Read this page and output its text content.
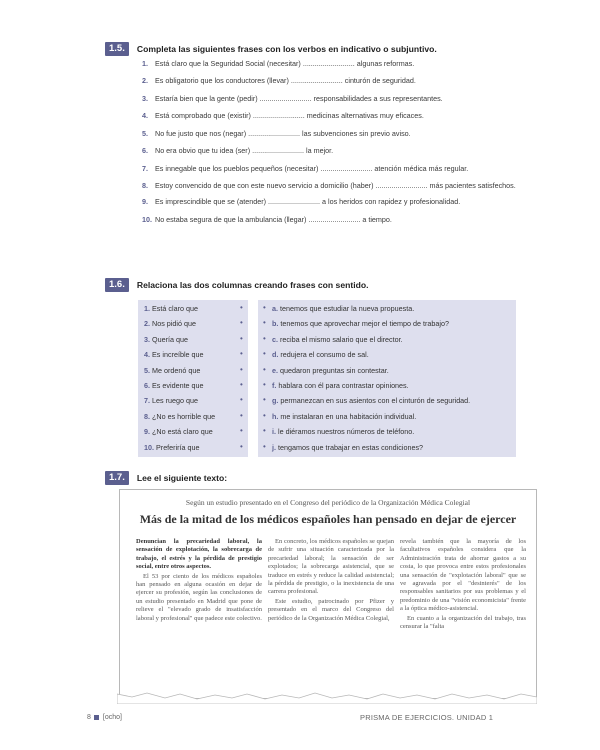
1.5.	Completa las siguientes frases con los verbos en indicativo o subjuntivo.
1. Está claro que la Seguridad Social (necesitar) .......................... algunas reformas.
2. Es obligatorio que los conductores (llevar) .......................... cinturón de seguridad.
3. Estaría bien que la gente (pedir) .......................... responsabilidades a sus representantes.
4. Está comprobado que (existir) .......................... medicinas alternativas muy eficaces.
5. No fue justo que nos (negar) .......................... las subvenciones sin previo aviso.
6. No era obvio que tu idea (ser) .......................... la mejor.
7. Es innegable que los pueblos pequeños (necesitar) .......................... atención médica más regular.
8. Estoy convencido de que con este nuevo servicio a domicilio (haber) .......................... más pacientes satisfechos.
9. Es imprescindible que se (atender) .......................... a los heridos con rapidez y profesionalidad.
10. No estaba segura de que la ambulancia (llegar) .......................... a tiempo.
1.6.	Relaciona las dos columnas creando frases con sentido.
1. Está claro que	•	• a. tenemos que estudiar la nueva propuesta.
2. Nos pidió que	•	• b. tenemos que aprovechar mejor el tiempo de trabajo?
3. Quería que	•	• c. reciba el mismo salario que el director.
4. Es increíble que	•	• d. redujera el consumo de sal.
5. Me ordenó que	•	• e. quedaron preguntas sin contestar.
6. Es evidente que	•	• f. hablara con él para contrastar opiniones.
7. Les ruego que	•	• g. permanezcan en sus asientos con el cinturón de seguridad.
8. ¿No es horrible que	•	• h. me instalaran en una habitación individual.
9. ¿No está claro que	•	• i. le diéramos nuestros números de teléfono.
10. Preferiría que	•	• j. tengamos que trabajar en estas condiciones?
1.7.	Lee el siguiente texto:
Según un estudio presentado en el Congreso del periódico de la Organización Médica Colegial
Más de la mitad de los médicos españoles han pensado en dejar de ejercer

Denuncian la precariedad laboral, la sensación de explotación, la sobrecarga de trabajo, el estrés y la pérdida de prestigio social, entre otros aspectos.

El 53 por ciento de los médicos españoles han pensado en alguna ocasión en dejar de ejercer su profesión, según las conclusiones de un estudio presentado en Madrid que pone de relieve el "elevado grado de insatisfacción laboral y profesional" que padece este colectivo.

En concreto, los médicos españoles se quejan de sufrir una situación caracterizada por la precariedad laboral; la sensación de ser explotados; la sobrecarga asistencial, que se traduce en estrés y reduce la calidad asistencial; la pérdida de prestigio, o la inexistencia de una carrera profesional.

Este estudio, patrocinado por Pfizer y presentado en el marco del Congreso del periódico de la Organización Médica Colegial,

revela también que la mayoría de los facultativos españoles considera que la Administración trata de ahorrar gastos a su costa, lo que provoca entre estos profesionales una sensación de "explotación laboral" que se ve agravada por el "desinterés" de los responsables sanitarios por sus problemas y el predominio de una "visión economicista" frente a la óptica médico-asistencial.

En cuanto a la organización del trabajo, tras censurar la "falta

8 [ocho]	PRISMA DE EJERCICIOS. UNIDAD 1
